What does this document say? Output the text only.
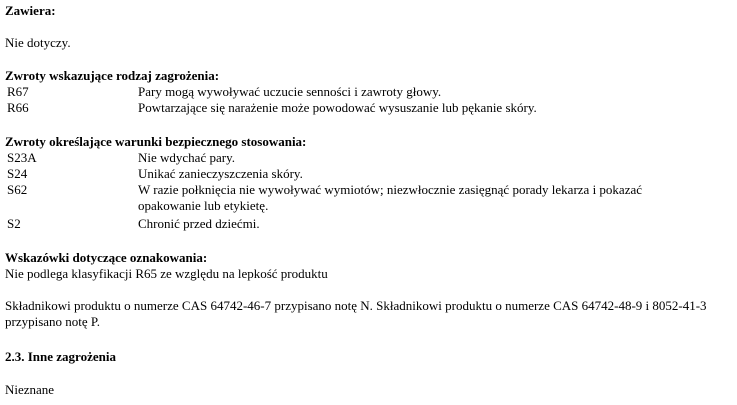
Zawiera:
Nie dotyczy.
Zwroty wskazujące rodzaj zagrożenia:
R67	Pary mogą wywoływać uczucie senności i zawroty głowy.
R66	Powtarzające się narażenie może powodować wysuszanie lub pękanie skóry.
Zwroty określające warunki bezpiecznego stosowania:
S23A	Nie wdychać pary.
S24	Unikać zanieczyszczenia skóry.
S62	W razie połknięcia nie wywoływać wymiotów; niezwłocznie zasięgnąć porady lekarza i pokazać opakowanie lub etykietę.
S2	Chronić przed dziećmi.
Wskazówki dotyczące oznakowania:
Nie podlega klasyfikacji R65 ze względu na lepkość produktu
Składnikowi produktu o numerze CAS 64742-46-7 przypisano notę N. Składnikowi produktu o numerze CAS 64742-48-9 i 8052-41-3 przypisano notę P.
2.3. Inne zagrożenia
Nieznane
